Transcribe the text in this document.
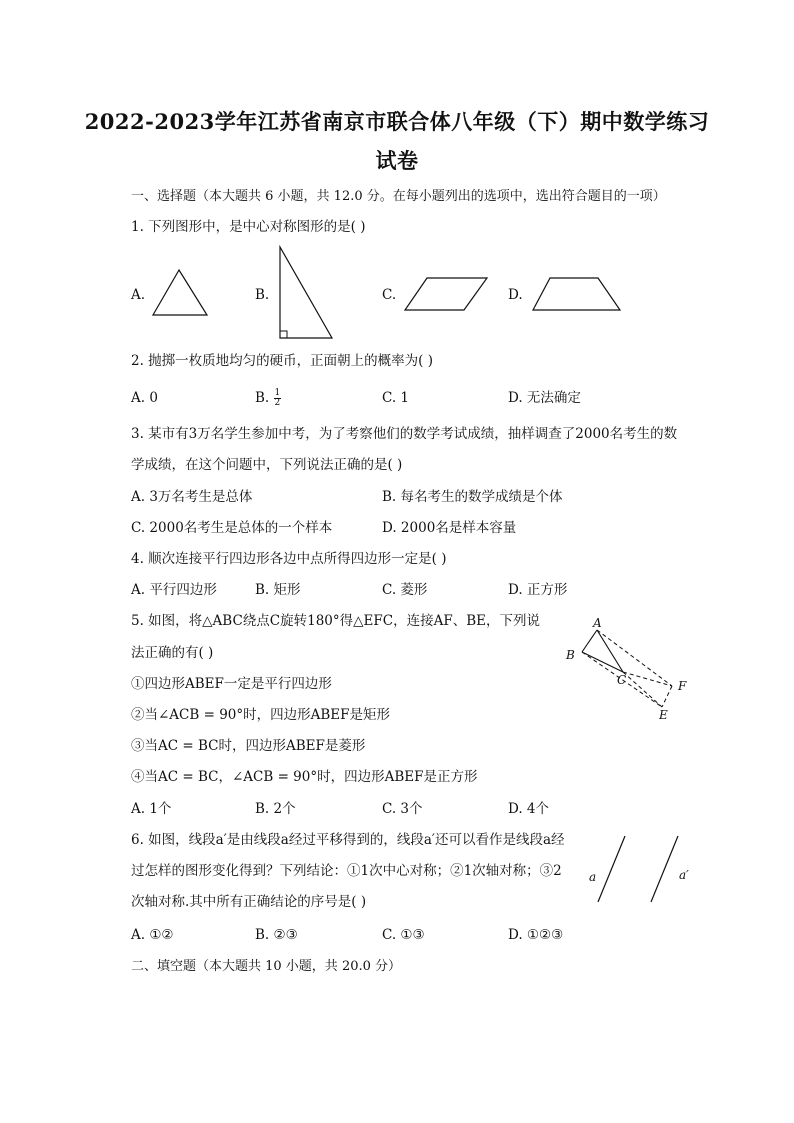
2022-2023学年江苏省南京市联合体八年级（下）期中数学练习
试卷
一、选择题（本大题共 6 小题，共 12.0 分。在每小题列出的选项中，选出符合题目的一项）
1. 下列图形中，是中心对称图形的是( )
A.	B.	C.	D.
2. 抛掷一枚质地均匀的硬币，正面朝上的概率为( )
A. 0	B. $\frac{1}{2}$	C. 1	D. 无法确定
3. 某市有3万名学生参加中考，为了考察他们的数学考试成绩，抽样调查了2000名考生的数
学成绩，在这个问题中，下列说法正确的是( )
A. 3万名考生是总体	B. 每名考生的数学成绩是个体
C. 2000名考生是总体的一个样本	D. 2000名是样本容量
4. 顺次连接平行四边形各边中点所得四边形一定是( )
A. 平行四边形	B. 矩形	C. 菱形	D. 正方形
5. 如图，将△ABC绕点C旋转180°得△EFC，连接AF、BE，下列说
法正确的有( )
①四边形ABEF一定是平行四边形
②当∠ACB = 90°时，四边形ABEF是矩形
③当AC = BC时，四边形ABEF是菱形
④当AC = BC，∠ACB = 90°时，四边形ABEF是正方形
A. 1个	B. 2个	C. 3个	D. 4个
A
B
C	F
E
6. 如图，线段a′是由线段a经过平移得到的，线段a′还可以看作是线段a经
过怎样的图形变化得到？下列结论：①1次中心对称；②1次轴对称；③2
次轴对称.其中所有正确结论的序号是( )
A. ①②	B. ②③	C. ①③	D. ①②③
a	a′
二、填空题（本大题共 10 小题，共 20.0 分）
